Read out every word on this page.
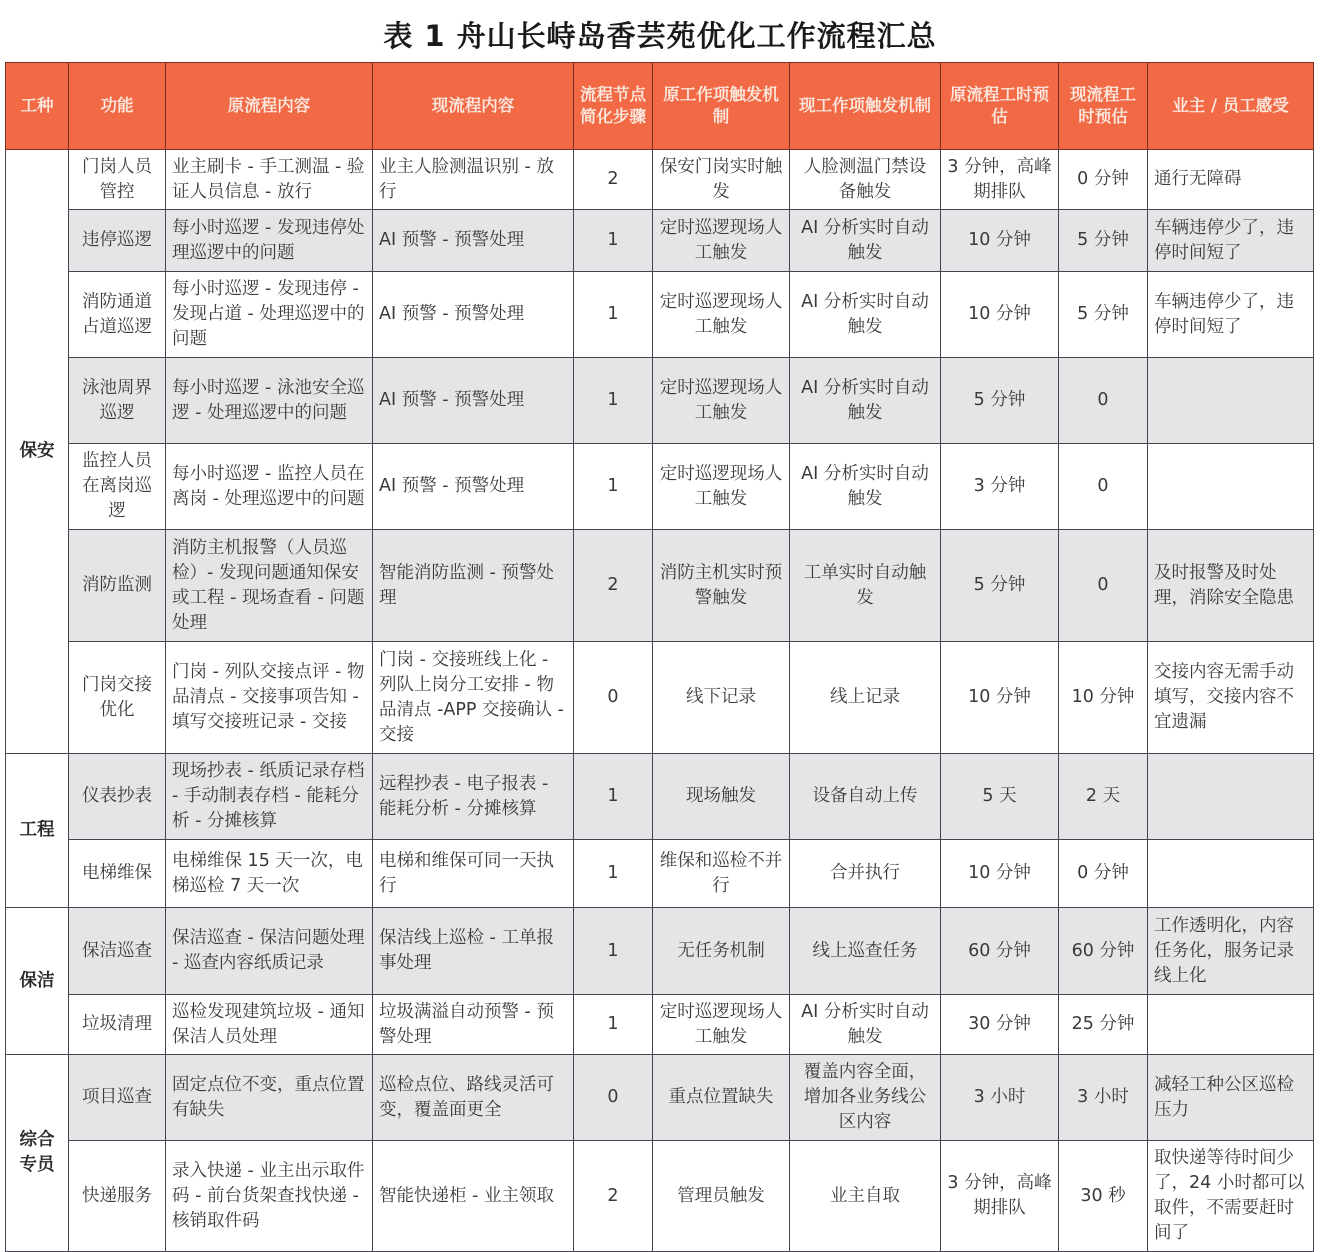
表 1 舟山长峙岛香芸苑优化工作流程汇总
工种	功能	原流程内容	现流程内容	流程节点简化步骤	原工作项触发机制	现工作项触发机制	原流程工时预估	现流程工时预估	业主 / 员工感受
保安	门岗人员管控	业主刷卡 - 手工测温 - 验证人员信息 - 放行	业主人脸测温识别 - 放行	2	保安门岗实时触发	人脸测温门禁设备触发	3 分钟，高峰期排队	0 分钟	通行无障碍
	违停巡逻	每小时巡逻 - 发现违停处理巡逻中的问题	AI 预警 - 预警处理	1	定时巡逻现场人工触发	AI 分析实时自动触发	10 分钟	5 分钟	车辆违停少了，违停时间短了
	消防通道占道巡逻	每小时巡逻 - 发现违停 - 发现占道 - 处理巡逻中的问题	AI 预警 - 预警处理	1	定时巡逻现场人工触发	AI 分析实时自动触发	10 分钟	5 分钟	车辆违停少了，违停时间短了
	泳池周界巡逻	每小时巡逻 - 泳池安全巡逻 - 处理巡逻中的问题	AI 预警 - 预警处理	1	定时巡逻现场人工触发	AI 分析实时自动触发	5 分钟	0	
	监控人员在离岗巡逻	每小时巡逻 - 监控人员在离岗 - 处理巡逻中的问题	AI 预警 - 预警处理	1	定时巡逻现场人工触发	AI 分析实时自动触发	3 分钟	0	
	消防监测	消防主机报警（人员巡检）- 发现问题通知保安或工程 - 现场查看 - 问题处理	智能消防监测 - 预警处理	2	消防主机实时预警触发	工单实时自动触发	5 分钟	0	及时报警及时处理，消除安全隐患
	门岗交接优化	门岗 - 列队交接点评 - 物品清点 - 交接事项告知 - 填写交接班记录 - 交接	门岗 - 交接班线上化 - 列队上岗分工安排 - 物品清点 -APP 交接确认 - 交接	0	线下记录	线上记录	10 分钟	10 分钟	交接内容无需手动填写，交接内容不宜遗漏
工程	仪表抄表	现场抄表 - 纸质记录存档 - 手动制表存档 - 能耗分析 - 分摊核算	远程抄表 - 电子报表 - 能耗分析 - 分摊核算	1	现场触发	设备自动上传	5 天	2 天	
	电梯维保	电梯维保 15 天一次，电梯巡检 7 天一次	电梯和维保可同一天执行	1	维保和巡检不并行	合并执行	10 分钟	0 分钟	
保洁	保洁巡查	保洁巡查 - 保洁问题处理 - 巡查内容纸质记录	保洁线上巡检 - 工单报事处理	1	无任务机制	线上巡查任务	60 分钟	60 分钟	工作透明化，内容任务化，服务记录线上化
	垃圾清理	巡检发现建筑垃圾 - 通知保洁人员处理	垃圾满溢自动预警 - 预警处理	1	定时巡逻现场人工触发	AI 分析实时自动触发	30 分钟	25 分钟	
综合专员	项目巡查	固定点位不变，重点位置有缺失	巡检点位、路线灵活可变，覆盖面更全	0	重点位置缺失	覆盖内容全面，增加各业务线公区内容	3 小时	3 小时	减轻工种公区巡检压力
	快递服务	录入快递 - 业主出示取件码 - 前台货架查找快递 - 核销取件码	智能快递柜 - 业主领取	2	管理员触发	业主自取	3 分钟，高峰期排队	30 秒	取快递等待时间少了，24 小时都可以取件，不需要赶时间了
